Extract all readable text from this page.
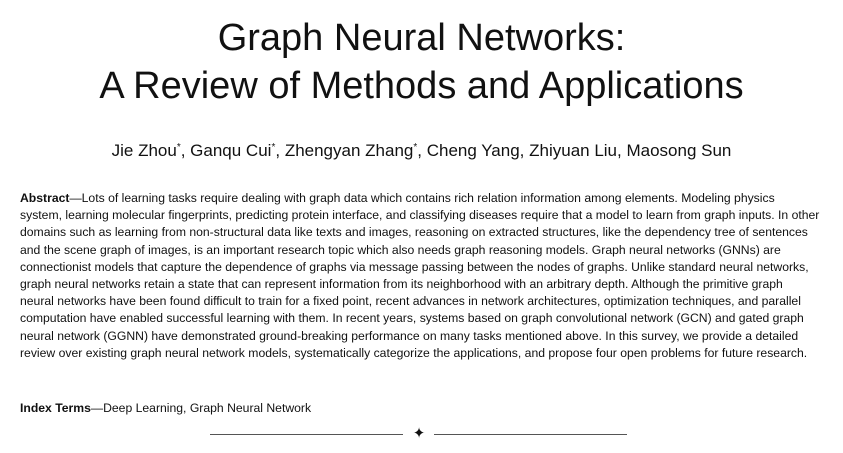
Graph Neural Networks:
A Review of Methods and Applications
Jie Zhou*, Ganqu Cui*, Zhengyan Zhang*, Cheng Yang, Zhiyuan Liu, Maosong Sun

Abstract—Lots of learning tasks require dealing with graph data which contains rich relation information among elements. Modeling physics system, learning molecular fingerprints, predicting protein interface, and classifying diseases require that a model to learn from graph inputs. In other domains such as learning from non-structural data like texts and images, reasoning on extracted structures, like the dependency tree of sentences and the scene graph of images, is an important research topic which also needs graph reasoning models. Graph neural networks (GNNs) are connectionist models that capture the dependence of graphs via message passing between the nodes of graphs. Unlike standard neural networks, graph neural networks retain a state that can represent information from its neighborhood with an arbitrary depth. Although the primitive graph neural networks have been found difficult to train for a fixed point, recent advances in network architectures, optimization techniques, and parallel computation have enabled successful learning with them. In recent years, systems based on graph convolutional network (GCN) and gated graph neural network (GGNN) have demonstrated ground-breaking performance on many tasks mentioned above. In this survey, we provide a detailed review over existing graph neural network models, systematically categorize the applications, and propose four open problems for future research.

Index Terms—Deep Learning, Graph Neural Network

✦
